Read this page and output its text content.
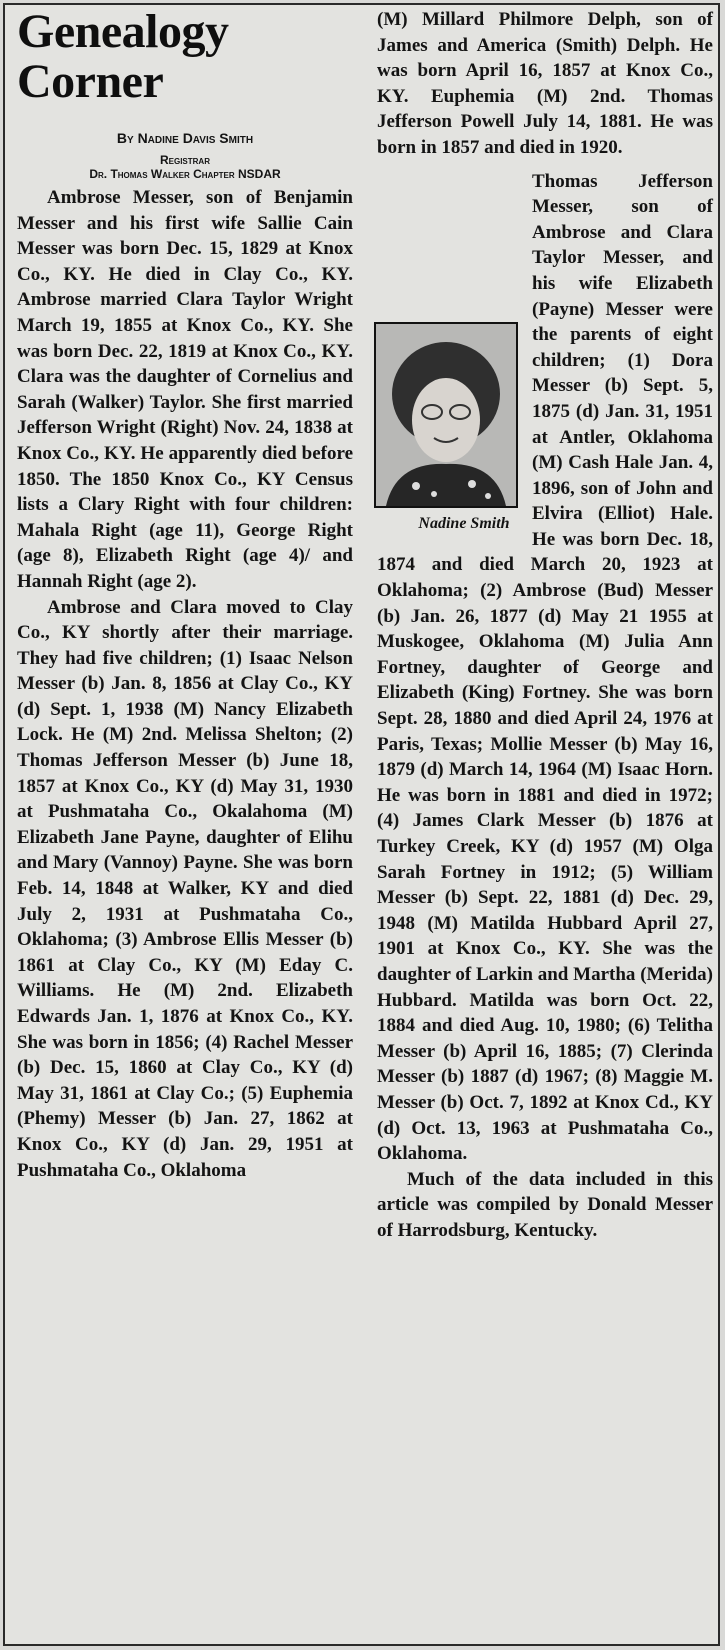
Genealogy
Corner
By Nadine Davis Smith
Registrar
Dr. Thomas Walker Chapter NSDAR

Ambrose Messer, son of Benjamin Messer and his first wife Sallie Cain Messer was born Dec. 15, 1829 at Knox Co., KY. He died in Clay Co., KY. Ambrose married Clara Taylor Wright March 19, 1855 at Knox Co., KY. She was born Dec. 22, 1819 at Knox Co., KY. Clara was the daughter of Cornelius and Sarah (Walker) Taylor. She first married Jefferson Wright (Right) Nov. 24, 1838 at Knox Co., KY. He apparently died before 1850. The 1850 Knox Co., KY Census lists a Clary Right with four children: Mahala Right (age 11), George Right (age 8), Elizabeth Right (age 4)/ and Hannah Right (age 2).

Ambrose and Clara moved to Clay Co., KY shortly after their marriage. They had five children; (1) Isaac Nelson Messer (b) Jan. 8, 1856 at Clay Co., KY (d) Sept. 1, 1938 (M) Nancy Elizabeth Lock. He (M) 2nd. Melissa Shelton; (2) Thomas Jefferson Messer (b) June 18, 1857 at Knox Co., KY (d) May 31, 1930 at Pushmataha Co., Okalahoma (M) Elizabeth Jane Payne, daughter of Elihu and Mary (Vannoy) Payne. She was born Feb. 14, 1848 at Walker, KY and died July 2, 1931 at Pushmataha Co., Oklahoma; (3) Ambrose Ellis Messer (b) 1861 at Clay Co., KY (M) Eday C. Williams. He (M) 2nd. Elizabeth Edwards Jan. 1, 1876 at Knox Co., KY. She was born in 1856; (4) Rachel Messer (b) Dec. 15, 1860 at Clay Co., KY (d) May 31, 1861 at Clay Co.; (5) Euphemia (Phemy) Messer (b) Jan. 27, 1862 at Knox Co., KY (d) Jan. 29, 1951 at Pushmataha Co., Oklahoma

(M) Millard Philmore Delph, son of James and America (Smith) Delph. He was born April 16, 1857 at Knox Co., KY. Euphemia (M) 2nd. Thomas Jefferson Powell July 14, 1881. He was born in 1857 and died in 1920.

Nadine Smith
Thomas Jefferson Messer, son of Ambrose and Clara Taylor Messer, and his wife Elizabeth (Payne) Messer were the parents of eight children; (1) Dora Messer (b) Sept. 5, 1875 (d) Jan. 31, 1951 at Antler, Oklahoma (M) Cash Hale Jan. 4, 1896, son of John and Elvira (Elliot) Hale. He was born Dec. 18, 1874 and died March 20, 1923 at Oklahoma; (2) Ambrose (Bud) Messer (b) Jan. 26, 1877 (d) May 21 1955 at Muskogee, Oklahoma (M) Julia Ann Fortney, daughter of George and Elizabeth (King) Fortney. She was born Sept. 28, 1880 and died April 24, 1976 at Paris, Texas; Mollie Messer (b) May 16, 1879 (d) March 14, 1964 (M) Isaac Horn. He was born in 1881 and died in 1972; (4) James Clark Messer (b) 1876 at Turkey Creek, KY (d) 1957 (M) Olga Sarah Fortney in 1912; (5) William Messer (b) Sept. 22, 1881 (d) Dec. 29, 1948 (M) Matilda Hubbard April 27, 1901 at Knox Co., KY. She was the daughter of Larkin and Martha (Merida) Hubbard. Matilda was born Oct. 22, 1884 and died Aug. 10, 1980; (6) Telitha Messer (b) April 16, 1885; (7) Clerinda Messer (b) 1887 (d) 1967; (8) Maggie M. Messer (b) Oct. 7, 1892 at Knox Cd., KY (d) Oct. 13, 1963 at Pushmataha Co., Oklahoma.

Much of the data included in this article was compiled by Donald Messer of Harrodsburg, Kentucky.
